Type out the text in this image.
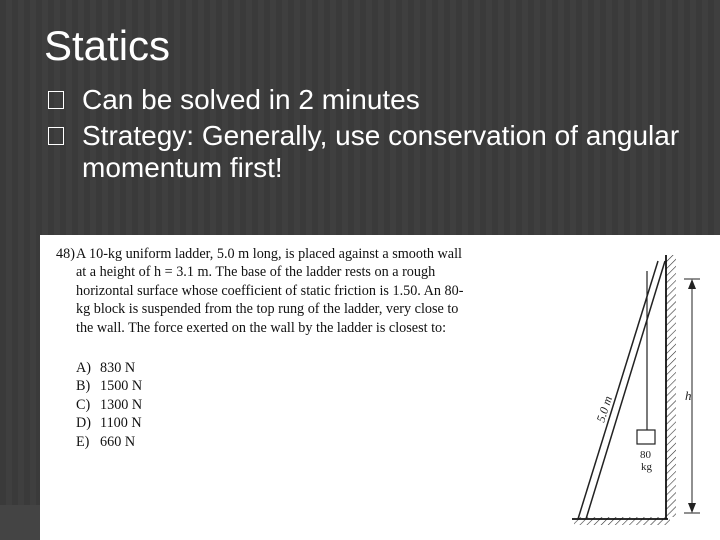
Statics
Can be solved in 2 minutes
Strategy: Generally, use conservation of angular momentum first!
48) A 10-kg uniform ladder, 5.0 m long, is placed against a smooth wall
at a height of h = 3.1 m. The base of the ladder rests on a rough
horizontal surface whose coefficient of static friction is 1.50. An 80-
kg block is suspended from the top rung of the ladder, very close to
the wall. The force exerted on the wall by the ladder is closest to:
A) 830 N
B) 1500 N
C) 1300 N
D) 1100 N
E) 660 N
80
kg
5.0 m	h
